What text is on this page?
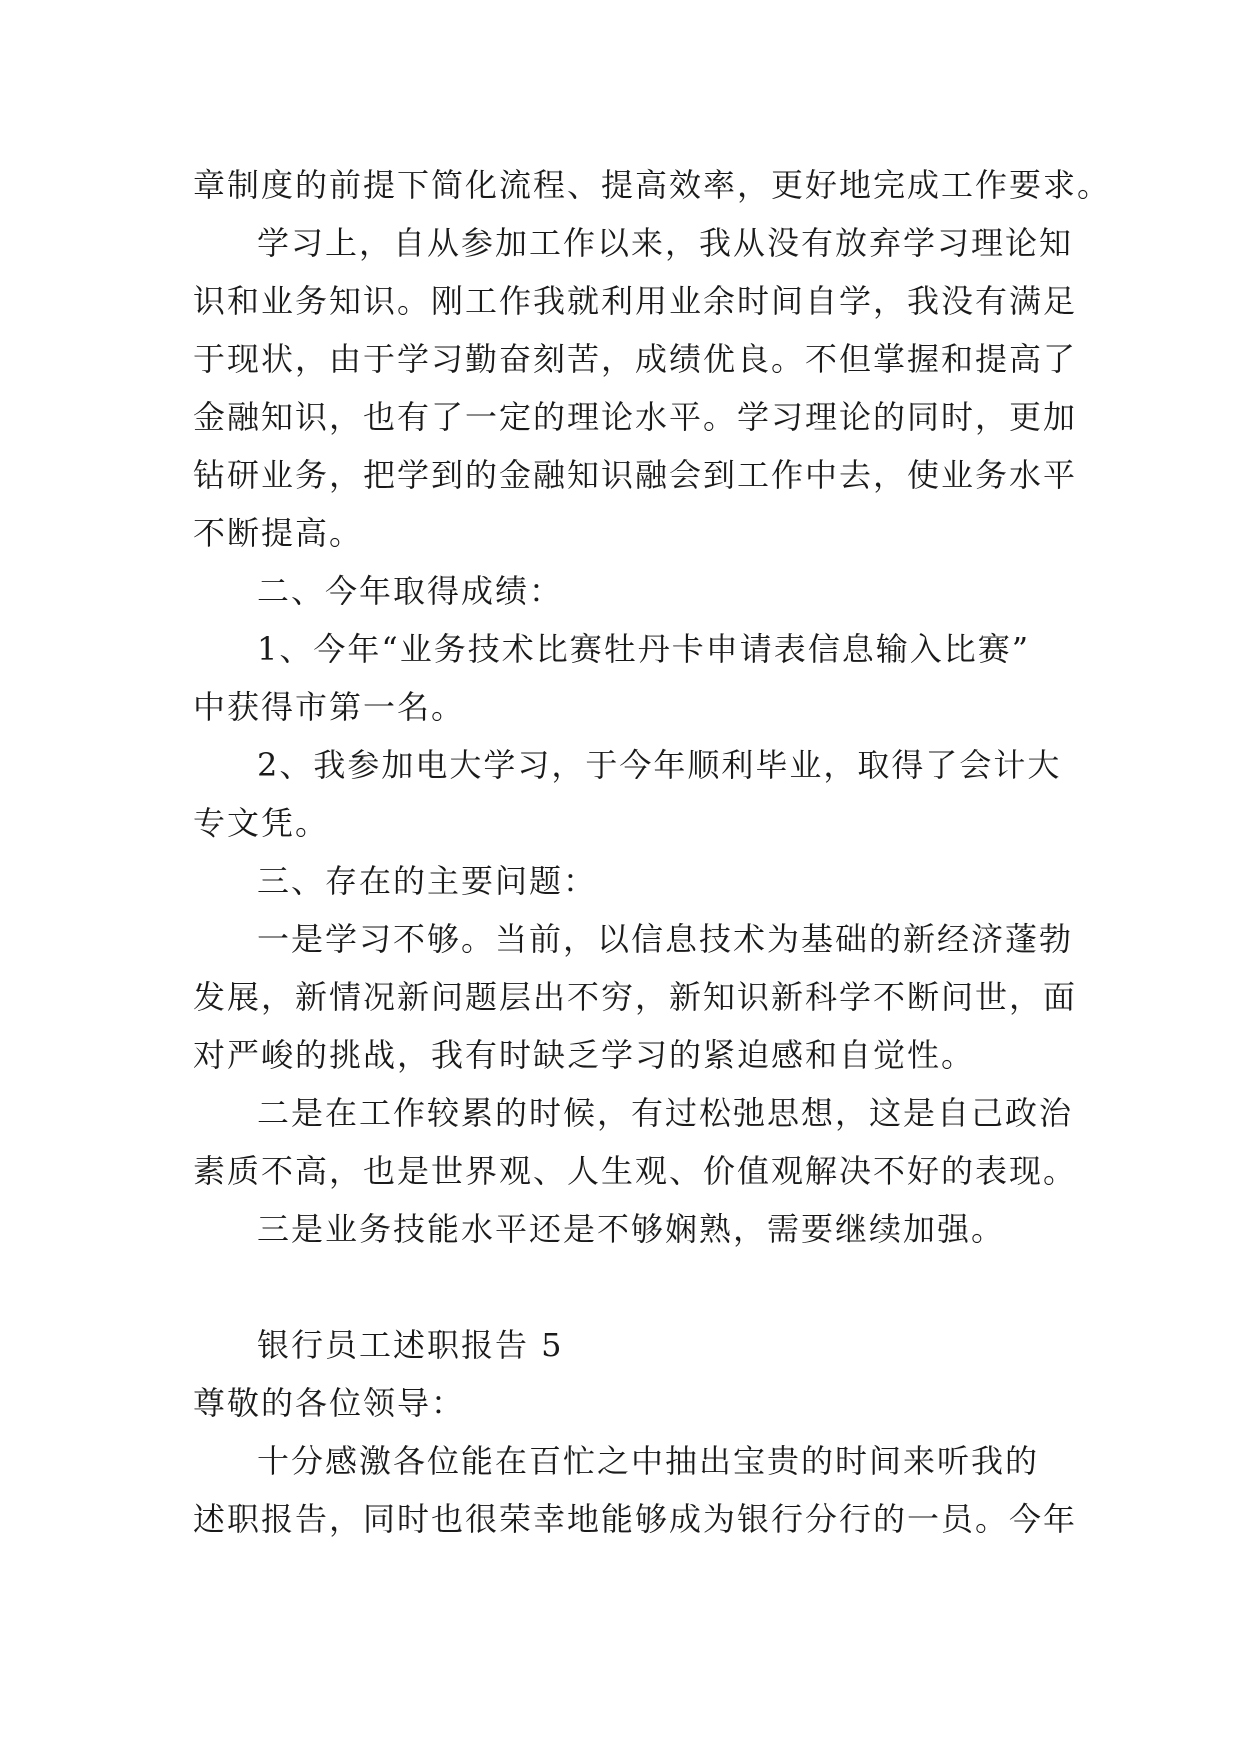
章制度的前提下简化流程、提高效率，更好地完成工作要求。
学习上，自从参加工作以来，我从没有放弃学习理论知
识和业务知识。刚工作我就利用业余时间自学，我没有满足
于现状，由于学习勤奋刻苦，成绩优良。不但掌握和提高了
金融知识，也有了一定的理论水平。学习理论的同时，更加
钻研业务，把学到的金融知识融会到工作中去，使业务水平
不断提高。
二、今年取得成绩：
1、今年“业务技术比赛牡丹卡申请表信息输入比赛”
中获得市第一名。
2、我参加电大学习，于今年顺利毕业，取得了会计大
专文凭。
三、存在的主要问题：
一是学习不够。当前，以信息技术为基础的新经济蓬勃
发展，新情况新问题层出不穷，新知识新科学不断问世，面
对严峻的挑战，我有时缺乏学习的紧迫感和自觉性。
二是在工作较累的时候，有过松弛思想，这是自己政治
素质不高，也是世界观、人生观、价值观解决不好的表现。
三是业务技能水平还是不够娴熟，需要继续加强。
银行员工述职报告 5
尊敬的各位领导：
十分感激各位能在百忙之中抽出宝贵的时间来听我的
述职报告，同时也很荣幸地能够成为银行分行的一员。今年
